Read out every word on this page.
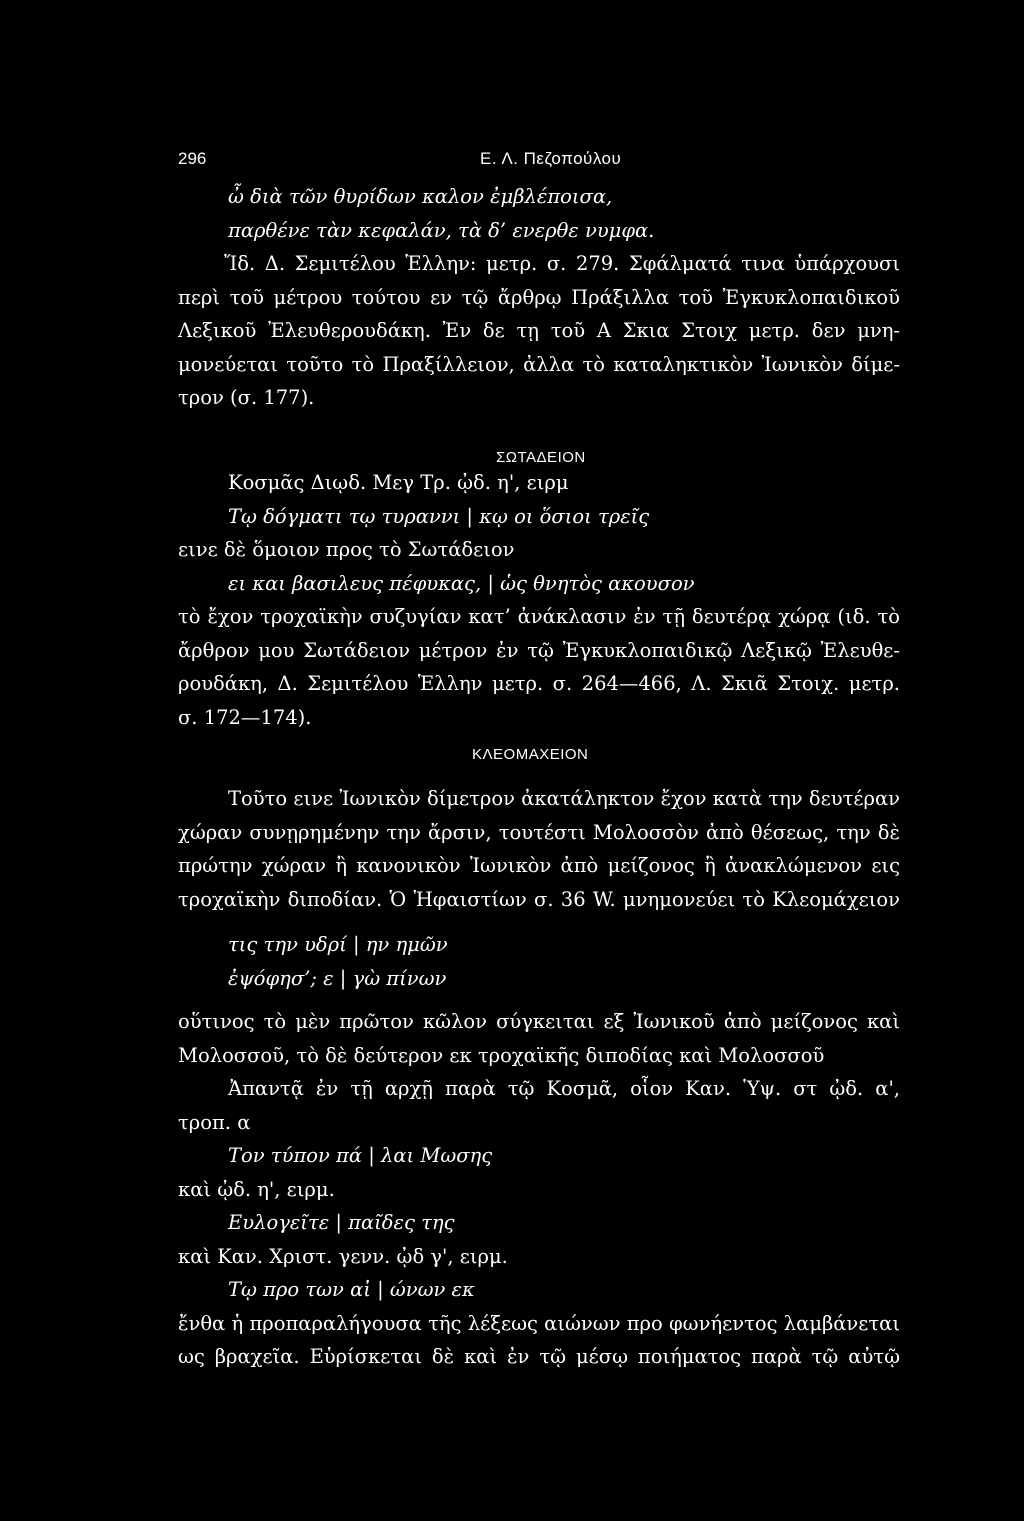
296	Ε. Λ. Πεζοπούλου
ὦ διὰ τῶν θυρίδων καλον ἐμβλέποισα,
παρθένε τὰν κεφαλάν, τὰ δ’ ενερθε νυμφα.
Ἴδ. Δ. Σεμιτέλου Ἑλλην: μετρ. σ. 279. Σφάλματά τινα ὑπάρχουσι
περὶ τοῦ μέτρου τούτου εν τῷ ἄρθρῳ Πράξιλλα τοῦ Ἐγκυκλοπαιδικοῦ
Λεξικοῦ Ἐλευθερουδάκη. Ἐν δε τῃ τοῦ Α Σκια Στοιχ μετρ. δεν μνη-
μονεύεται τοῦτο τὸ Πραξίλλειον, ἀλλα τὸ καταληκτικὸν Ἰωνικὸν δίμε-
τρον (σ. 177).
ΣΩΤΑΔΕΙΟΝ
Κοσμᾶς Διῳδ. Μεγ Τρ. ᾠδ. η', ειρμ
Τῳ δόγματι τῳ τυραννι | κῳ οι ὅσιοι τρεῖς
εινε δὲ ὅμοιον προς τὸ Σωτάδειον
ει και βασιλευς πέφυκας, | ὡς θνητὸς ακουσον
τὸ ἔχον τροχαϊκὴν συζυγίαν κατ’ ἀνάκλασιν ἐν τῇ δευτέρᾳ χώρᾳ (ιδ. τὸ
ἄρθρον μου Σωτάδειον μέτρον ἐν τῷ Ἐγκυκλοπαιδικῷ Λεξικῷ Ἐλευθε-
ρουδάκη, Δ. Σεμιτέλου Ἑλλην μετρ. σ. 264—466, Λ. Σκιᾶ Στοιχ. μετρ.
σ. 172—174).
ΚΛΕΟΜΑΧΕΙΟΝ
Τοῦτο εινε Ἰωνικὸν δίμετρον ἀκατάληκτον ἔχον κατὰ την δευτέραν
χώραν συνῃρημένην την ἄρσιν, τουτέστι Μολοσσὸν ἀπὸ θέσεως, την δὲ
πρώτην χώραν ἢ κανονικὸν Ἰωνικὸν ἀπὸ μείζονος ἢ ἀνακλώμενον εις
τροχαϊκὴν διποδίαν. Ὁ Ἡφαιστίων σ. 36 W. μνημονεύει τὸ Κλεομάχειον
τις την υδρί | ην ημῶν
ἐψόφησ’; ε | γὼ πίνων
οὕτινος τὸ μὲν πρῶτον κῶλον σύγκειται εξ Ἰωνικοῦ ἀπὸ μείζονος καὶ
Μολοσσοῦ, τὸ δὲ δεύτερον εκ τροχαϊκῆς διποδίας καὶ Μολοσσοῦ
Ἀπαντᾷ ἐν τῇ αρχῇ παρὰ τῷ Κοσμᾶ, οἷον Καν. Ὑψ. στ ᾠδ. α',
τροπ. α
Τον τύπον πά | λαι Μωσης
καὶ ᾠδ. η', ειρμ.
Ευλογεῖτε | παῖδες της
καὶ Καν. Χριστ. γενν. ᾠδ γ', ειρμ.
Τῳ προ των αἰ | ώνων εκ
ἔνθα ἡ προπαραλήγουσα τῆς λέξεως αιώνων προ φωνήεντος λαμβάνεται
ως βραχεῖα. Εὑρίσκεται δὲ καὶ ἐν τῷ μέσῳ ποιήματος παρὰ τῷ αὐτῷ
